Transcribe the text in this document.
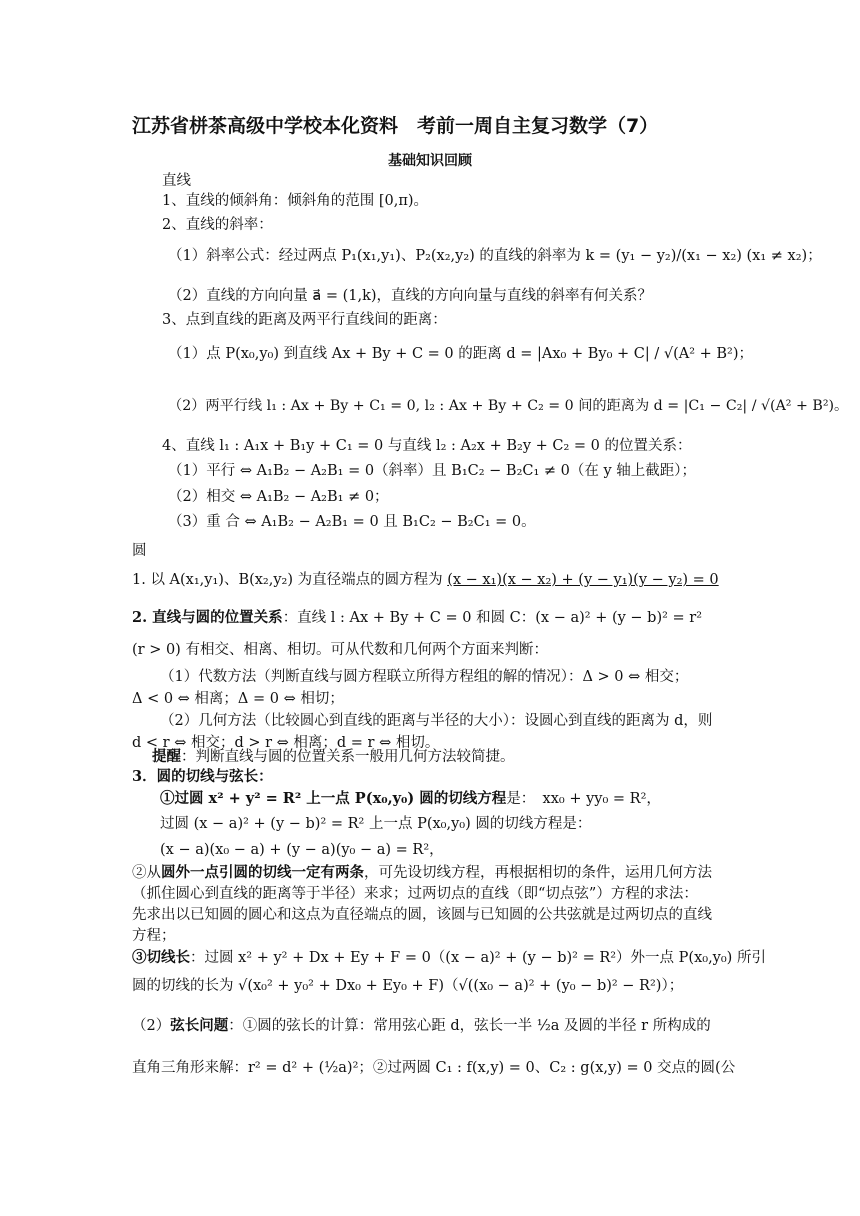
江苏省栟茶高级中学校本化资料　考前一周自主复习数学（7）
基础知识回顾
直线
1、直线的倾斜角：倾斜角的范围 [0,π)。
2、直线的斜率：
（1）斜率公式：经过两点 P₁(x₁,y₁)、P₂(x₂,y₂) 的直线的斜率为 k = (y₁ − y₂)/(x₁ − x₂) (x₁ ≠ x₂)；
（2）直线的方向向量 a⃗ = (1,k)，直线的方向向量与直线的斜率有何关系？
3、点到直线的距离及两平行直线间的距离：
（1）点 P(x₀,y₀) 到直线 Ax + By + C = 0 的距离 d = |Ax₀ + By₀ + C| / √(A² + B²)；
（2）两平行线 l₁ : Ax + By + C₁ = 0, l₂ : Ax + By + C₂ = 0 间的距离为 d = |C₁ − C₂| / √(A² + B²)。
4、直线 l₁ : A₁x + B₁y + C₁ = 0 与直线 l₂ : A₂x + B₂y + C₂ = 0 的位置关系：
（1）平行 ⇔ A₁B₂ − A₂B₁ = 0（斜率）且 B₁C₂ − B₂C₁ ≠ 0（在 y 轴上截距）；
（2）相交 ⇔ A₁B₂ − A₂B₁ ≠ 0；
（3）重 合 ⇔ A₁B₂ − A₂B₁ = 0 且 B₁C₂ − B₂C₁ = 0。
圆
1. 以 A(x₁,y₁)、B(x₂,y₂) 为直径端点的圆方程为 (x − x₁)(x − x₂) + (y − y₁)(y − y₂) = 0
2. 直线与圆的位置关系：直线 l : Ax + By + C = 0 和圆 C：(x − a)² + (y − b)² = r²
(r > 0) 有相交、相离、相切。可从代数和几何两个方面来判断：
（1）代数方法（判断直线与圆方程联立所得方程组的解的情况）：Δ > 0 ⇔ 相交；
Δ < 0 ⇔ 相离；Δ = 0 ⇔ 相切；
（2）几何方法（比较圆心到直线的距离与半径的大小）：设圆心到直线的距离为 d，则
d < r ⇔ 相交；d > r ⇔ 相离；d = r ⇔ 相切。
提醒：判断直线与圆的位置关系一般用几何方法较简捷。
3．圆的切线与弦长：
①过圆 x² + y² = R² 上一点 P(x₀,y₀) 圆的切线方程是：　xx₀ + yy₀ = R²，
过圆 (x − a)² + (y − b)² = R² 上一点 P(x₀,y₀) 圆的切线方程是：
(x − a)(x₀ − a) + (y − a)(y₀ − a) = R²，
②从圆外一点引圆的切线一定有两条，可先设切线方程，再根据相切的条件，运用几何方法
（抓住圆心到直线的距离等于半径）来求；过两切点的直线（即“切点弦”）方程的求法：
先求出以已知圆的圆心和这点为直径端点的圆，该圆与已知圆的公共弦就是过两切点的直线
方程；
③切线长：过圆 x² + y² + Dx + Ey + F = 0（(x − a)² + (y − b)² = R²）外一点 P(x₀,y₀) 所引
圆的切线的长为 √(x₀² + y₀² + Dx₀ + Ey₀ + F)（√((x₀ − a)² + (y₀ − b)² − R²)）；
（2）弦长问题：①圆的弦长的计算：常用弦心距 d，弦长一半 ½a 及圆的半径 r 所构成的
直角三角形来解：r² = d² + (½a)²；②过两圆 C₁ : f(x,y) = 0、C₂ : g(x,y) = 0 交点的圆(公
